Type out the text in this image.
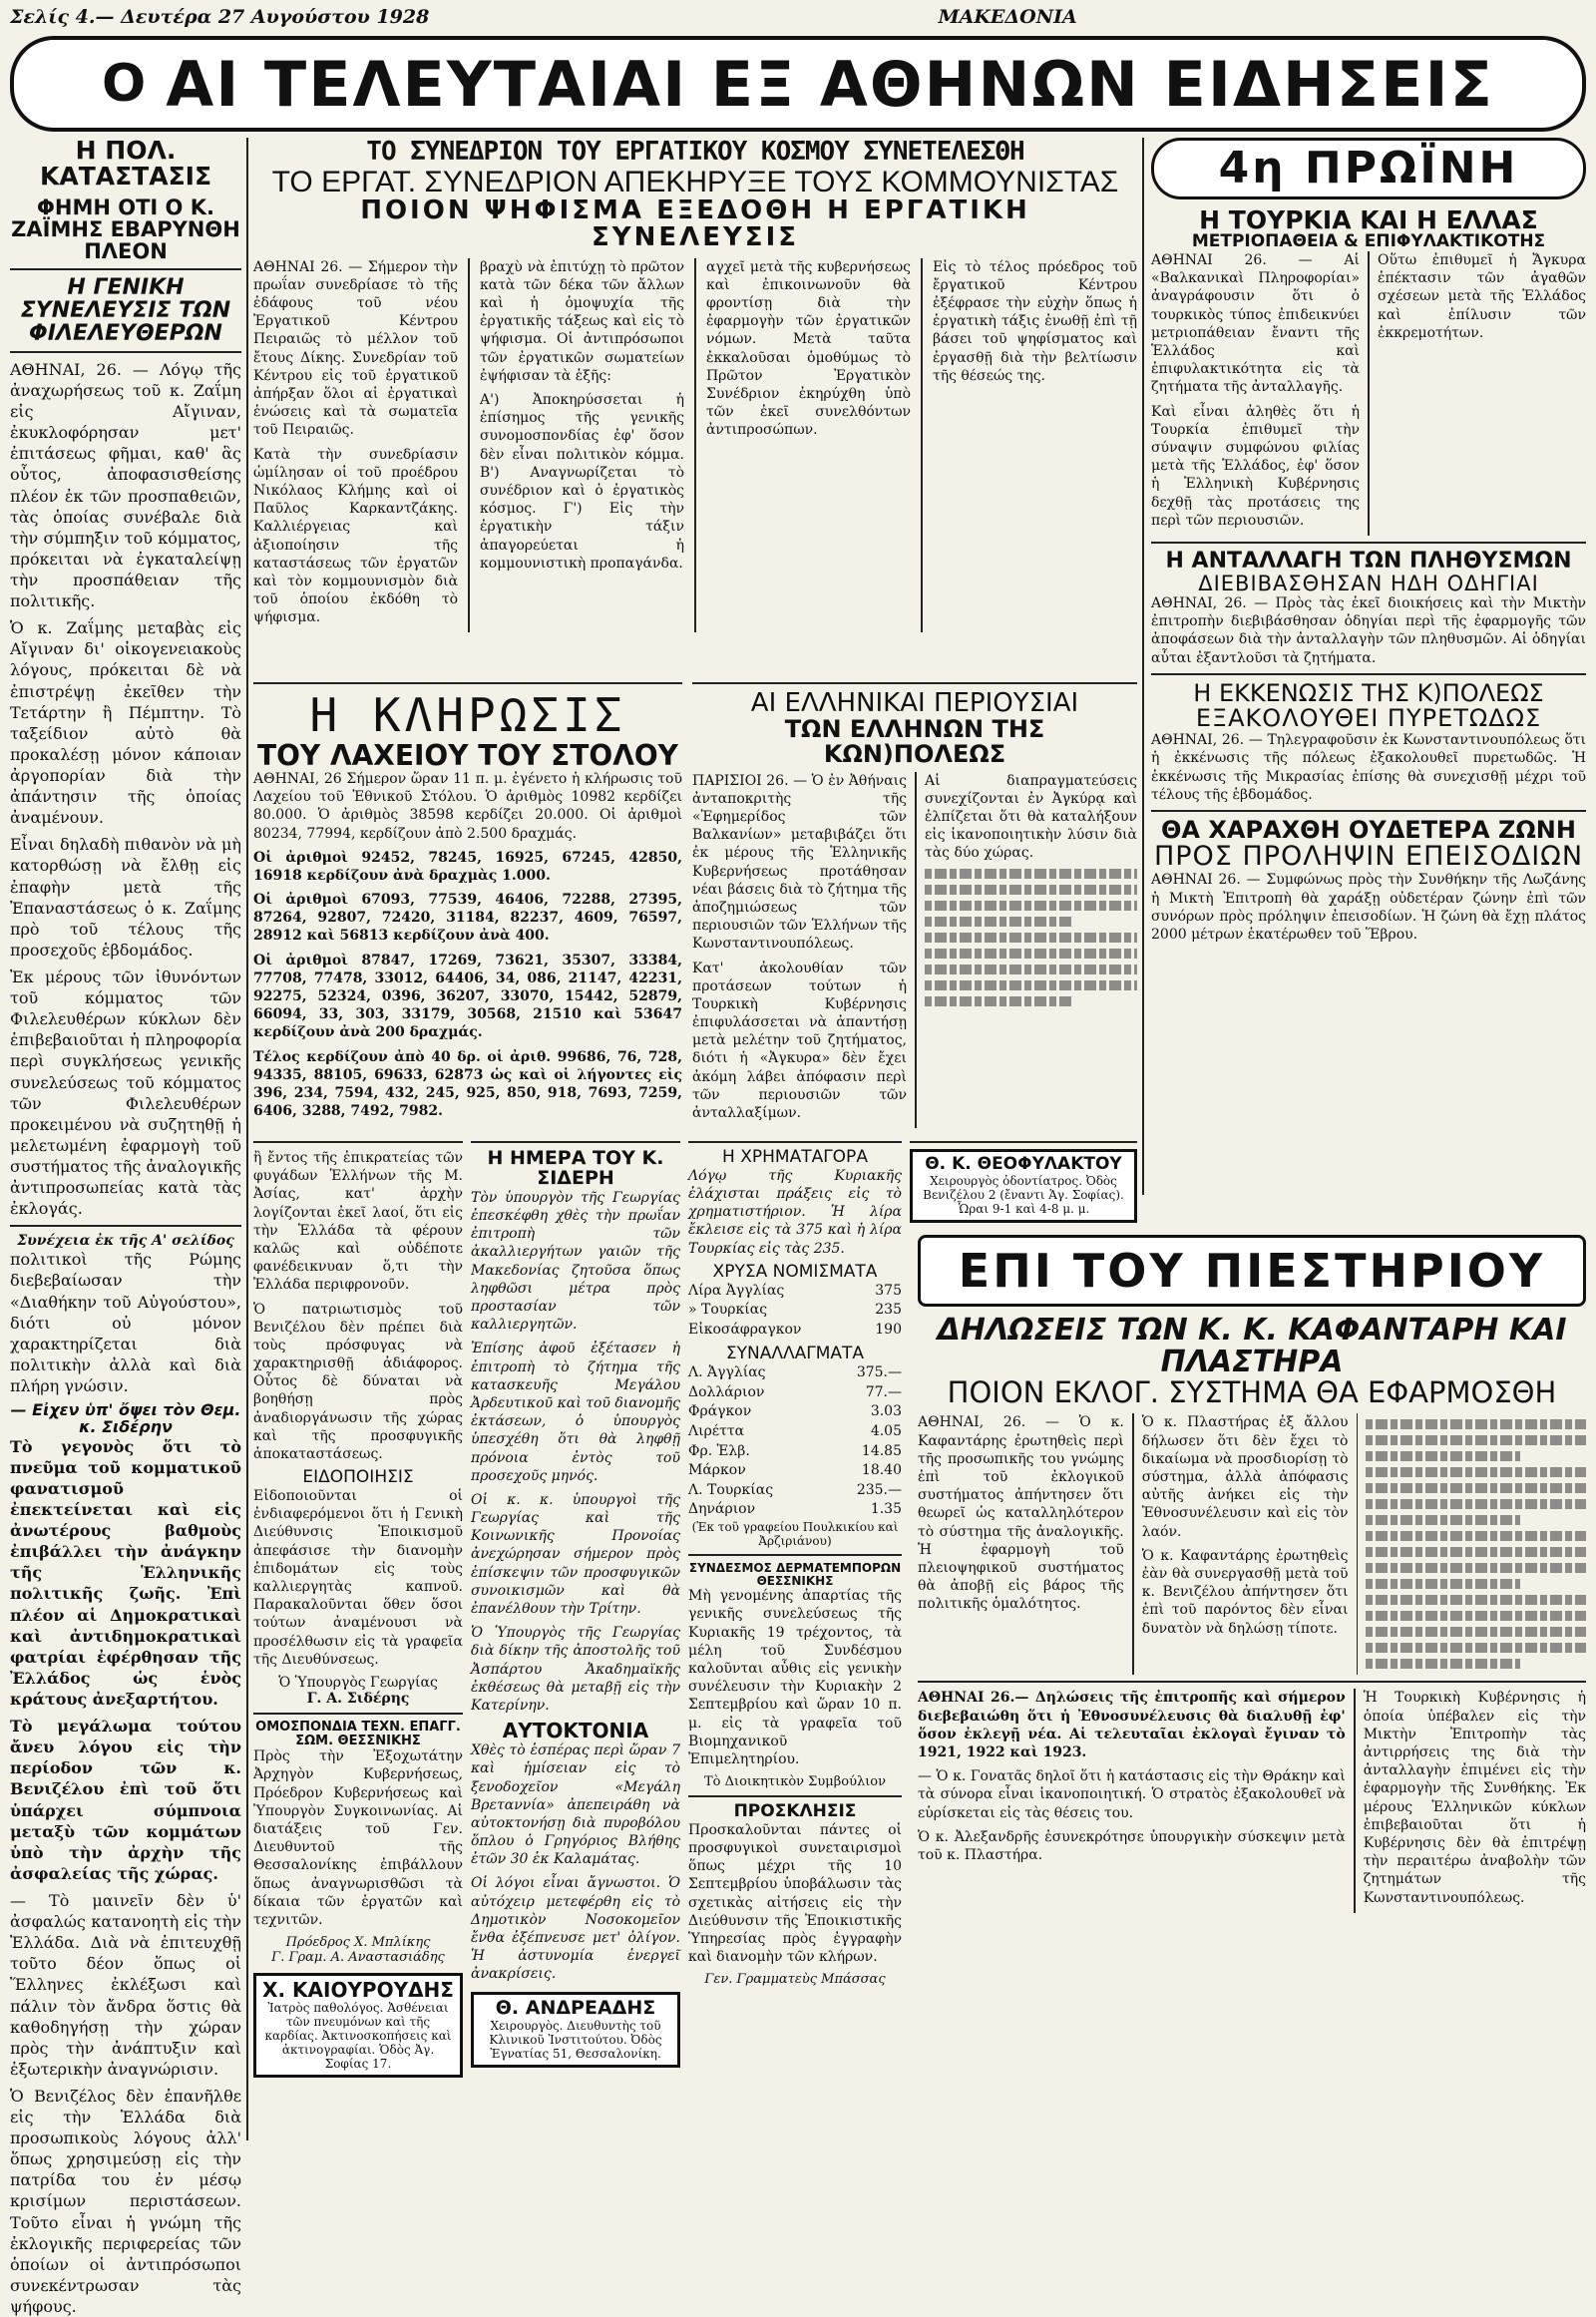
Σελίς 4.— Δευτέρα 27 Αυγούστου 1928	ΜΑΚΕΔΟΝΙΑ
Ο ΑΙ ΤΕΛΕΥΤΑΙΑΙ ΕΞ ΑΘΗΝΩΝ ΕΙΔΗΣΕΙΣ
Η ΠΟΛ. ΚΑΤΑΣΤΑΣΙΣ
ΦΗΜΗ ΟΤΙ Ο Κ. ΖΑΪΜΗΣ ΕΒΑΡΥΝΘΗ ΠΛΕΟΝ
Η ΓΕΝΙΚΗ ΣΥΝΕΛΕΥΣΙΣ ΤΩΝ ΦΙΛΕΛΕΥΘΕΡΩΝ

ΑΘΗΝΑΙ, 26. — Λόγῳ τῆς ἀναχωρήσεως τοῦ κ. Ζαΐμη εἰς Αἴγιναν, ἐκυκλοφόρησαν μετ' ἐπιτάσεως φῆμαι, καθ' ἃς οὗτος, ἀποφασισθείσης πλέον ἐκ τῶν προσπαθειῶν, τὰς ὁποίας συνέβαλε διὰ τὴν σύμπηξιν τοῦ κόμματος, πρόκειται νὰ ἐγκαταλείψῃ τὴν προσπάθειαν τῆς πολιτικῆς.

Ὁ κ. Ζαΐμης μεταβὰς εἰς Αἴγιναν δι' οἰκογενειακοὺς λόγους, πρόκειται δὲ νὰ ἐπιστρέψῃ ἐκεῖθεν τὴν Τετάρτην ἢ Πέμπτην. Τὸ ταξείδιον αὐτὸ θὰ προκαλέσῃ μόνον κάποιαν ἀργοπορίαν διὰ τὴν ἀπάντησιν τῆς ὁποίας ἀναμένουν.

Εἶναι δηλαδὴ πιθανὸν νὰ μὴ κατορθώσῃ νὰ ἔλθῃ εἰς ἐπαφὴν μετὰ τῆς Ἐπαναστάσεως ὁ κ. Ζαΐμης πρὸ τοῦ τέλους τῆς προσεχοῦς ἑβδομάδος.

Ἐκ μέρους τῶν ἰθυνόντων τοῦ κόμματος τῶν Φιλελευθέρων κύκλων δὲν ἐπιβεβαιοῦται ἡ πληροφορία περὶ συγκλήσεως γενικῆς συνελεύσεως τοῦ κόμματος τῶν Φιλελευθέρων προκειμένου νὰ συζητηθῇ ἡ μελετωμένη ἐφαρμογὴ τοῦ συστήματος τῆς ἀναλογικῆς ἀντιπροσωπείας κατὰ τὰς ἐκλογάς.

Συνέχεια ἐκ τῆς Α' σελίδος

πολιτικοὶ τῆς Ρώμης διεβεβαίωσαν τὴν «Διαθήκην τοῦ Αὐγούστου», διότι οὐ μόνον χαρακτηρίζεται διὰ πολιτικὴν ἀλλὰ καὶ διὰ πλήρη γνώσιν.

— Εἰχεν ὑπ' ὄψει τὸν Θεμ. κ. Σιδέρην

Τὸ γεγονὸς ὅτι τὸ πνεῦμα τοῦ κομματικοῦ φανατισμοῦ ἐπεκτείνεται καὶ εἰς ἀνωτέρους βαθμοὺς ἐπιβάλλει τὴν ἀνάγκην τῆς Ἑλληνικῆς πολιτικῆς ζωῆς. Ἐπὶ πλέον αἱ Δημοκρατικαὶ καὶ ἀντιδημοκρατικαὶ φατρίαι ἐφέρθησαν τῆς Ἐλλάδος ὡς ἑνὸς κράτους ἀνεξαρτήτου.

Τὸ μεγάλωμα τούτου ἄνευ λόγου εἰς τὴν περίοδον τῶν κ. Βενιζέλου ἐπὶ τοῦ ὅτι ὑπάρχει σύμπνοια μεταξὺ τῶν κομμάτων ὑπὸ τὴν ἀρχὴν τῆς ἀσφαλείας τῆς χώρας.

— Τὸ μαινεῖν δὲν ὑ' ἀσφαλώς κατανοητὴ εἰς τὴν Ἑλλάδα. Διὰ νὰ ἐπιτευχθῇ τοῦτο δέον ὅπως οἱ Ἕλληνες ἐκλέξωσι καὶ πάλιν τὸν ἄνδρα ὅστις θὰ καθοδηγήσῃ τὴν χώραν πρὸς τὴν ἀνάπτυξιν καὶ ἐξωτερικὴν ἀναγνώρισιν.

Ὁ Βενιζέλος δὲν ἐπανῆλθε εἰς τὴν Ἑλλάδα διὰ προσωπικοὺς λόγους ἀλλ' ὅπως χρησιμεύσῃ εἰς τὴν πατρίδα του ἐν μέσῳ κρισίμων περιστάσεων. Τοῦτο εἶναι ἡ γνώμη τῆς ἐκλογικῆς περιφερείας τῶν ὁποίων οἱ ἀντιπρόσωποι συνεκέντρωσαν τὰς ψήφους.

ΤΟ ΣΥΝΕΔΡΙΟΝ ΤΟΥ ΕΡΓΑΤΙΚΟΥ ΚΟΣΜΟΥ ΣΥΝΕΤΕΛΕΣΘΗ
ΤΟ ΕΡΓΑΤ. ΣΥΝΕΔΡΙΟΝ ΑΠΕΚΗΡΥΞΕ ΤΟΥΣ ΚΟΜΜΟΥΝΙΣΤΑΣ
ΠΟΙΟΝ ΨΗΦΙΣΜΑ ΕΞΕΔΟΘΗ Η ΕΡΓΑΤΙΚΗ ΣΥΝΕΛΕΥΣΙΣ

ΑΘΗΝΑΙ 26. — Σήμερον τὴν πρωΐαν συνεδρίασε τὸ τῆς ἐδάφους τοῦ νέου Ἐργατικοῦ Κέντρου Πειραιῶς τὸ μέλλον τοῦ ἔτους Δίκης. Συνεδρίαν τοῦ Κέντρου εἰς τοῦ ἐργατικοῦ ἀπήρξαν ὅλοι αἱ ἐργατικαὶ ἑνώσεις καὶ τὰ σωματεῖα τοῦ Πειραιῶς.

Κατὰ τὴν συνεδρίασιν ὡμίλησαν οἱ τοῦ προέδρου Νικόλαος Κλήμης καὶ οἱ Παῦλος Καρκαντζάκης. Καλλιέργειας καὶ ἀξιοποίησιν τῆς καταστάσεως τῶν ἐργατῶν καὶ τὸν κομμουνισμὸν διὰ τοῦ ὁποίου ἐκδόθη τὸ ψήφισμα.

βραχὺ νὰ ἐπιτύχῃ τὸ πρῶτον κατὰ τῶν δέκα τῶν ἄλλων καὶ ἡ ὁμοψυχία τῆς ἐργατικῆς τάξεως καὶ εἰς τὸ ψήφισμα. Οἱ ἀντιπρόσωποι τῶν ἐργατικῶν σωματείων ἐψήφισαν τὰ ἑξῆς:

Α') Ἀποκηρύσσεται ἡ ἐπίσημος τῆς γενικῆς συνομοσπονδίας ἐφ' ὅσον δὲν εἶναι πολιτικὸν κόμμα. Β') Αναγνωρίζεται τὸ συνέδριον καὶ ὁ ἐργατικὸς κόσμος. Γ') Εἰς τὴν ἐργατικὴν τάξιν ἀπαγορεύεται ἡ κομμουνιστικὴ προπαγάνδα.

αγχεῖ μετὰ τῆς κυβερνήσεως καὶ ἐπικοινωνοῦν θὰ φροντίσῃ διὰ τὴν ἐφαρμογὴν τῶν ἐργατικῶν νόμων. Μετὰ ταῦτα ἐκκαλοῦσαι ὁμοθύμως τὸ Πρῶτον Ἐργατικὸν Συνέδριον ἐκηρύχθη ὑπὸ τῶν ἐκεῖ συνελθόντων ἀντιπροσώπων.

Εἰς τὸ τέλος πρόεδρος τοῦ ἔργατικοῦ Κέντρου ἐξέφρασε τὴν εὐχὴν ὅπως ἡ ἐργατικὴ τάξις ἐνωθῇ ἐπὶ τῇ βάσει τοῦ ψηφίσματος καὶ ἐργασθῇ διὰ τὴν βελτίωσιν τῆς θέσεώς της.

Η ΚΛΗΡΩΣΙΣ
ΤΟΥ ΛΑΧΕΙΟΥ ΤΟΥ ΣΤΟΛΟΥ

ΑΘΗΝΑΙ, 26 Σήμερον ὥραν 11 π. μ. ἐγένετο ἡ κλήρωσις τοῦ Λαχείου τοῦ Ἐθνικοῦ Στόλου. Ὁ ἀριθμὸς 10982 κερδίζει 80.000. Ὁ ἀριθμὸς 38598 κερδίζει 20.000. Οἱ ἀριθμοὶ 80234, 77994, κερδίζουν ἀπὸ 2.500 δραχμάς.

Οἱ ἀριθμοὶ 92452, 78245, 16925, 67245, 42850, 16918 κερδίζουν ἀνὰ δραχμὰς 1.000.

Οἱ ἀριθμοὶ 67093, 77539, 46406, 72288, 27395, 87264, 92807, 72420, 31184, 82237, 4609, 76597, 28912 καὶ 56813 κερδίζουν ἀνὰ 400.

Οἱ ἀριθμοὶ 87847, 17269, 73621, 35307, 33384, 77708, 77478, 33012, 64406, 34, 086, 21147, 42231, 92275, 52324, 0396, 36207, 33070, 15442, 52879, 66094, 33, 303, 33179, 30568, 21510 καὶ 53647 κερδίζουν ἀνὰ 200 δραχμάς.

Τέλος κερδίζουν ἀπὸ 40 δρ. οἱ ἀριθ. 99686, 76, 728, 94335, 88105, 69633, 62873 ὡς καὶ οἱ λήγοντες εἰς 396, 234, 7594, 432, 245, 925, 850, 918, 7693, 7259, 6406, 3288, 7492, 7982.

ΑΙ ΕΛΛΗΝΙΚΑΙ ΠΕΡΙΟΥΣΙΑΙ
ΤΩΝ ΕΛΛΗΝΩΝ ΤΗΣ ΚΩΝ)ΠΟΛΕΩΣ

ΠΑΡΙΣΙΟΙ 26. — Ὁ ἐν Ἀθήναις ἀνταποκριτὴς τῆς «Ἐφημερίδος τῶν Βαλκανίων» μεταβιβάζει ὅτι ἐκ μέρους τῆς Ἑλληνικῆς Κυβερνήσεως προτάθησαν νέαι βάσεις διὰ τὸ ζήτημα τῆς ἀποζημιώσεως τῶν περιουσιῶν τῶν Ἑλλήνων τῆς Κωνσταντινουπόλεως.

Κατ' ἀκολουθίαν τῶν προτάσεων τούτων ἡ Τουρκικὴ Κυβέρνησις ἐπιφυλάσσεται νὰ ἀπαντήσῃ μετὰ μελέτην τοῦ ζητήματος, διότι ἡ «Ἀγκυρα» δὲν ἔχει ἀκόμη λάβει ἀπόφασιν περὶ τῶν περιουσιῶν τῶν ἀνταλλαξίμων.

Αἱ διαπραγματεύσεις συνεχίζονται ἐν Ἀγκύρᾳ καὶ ἐλπίζεται ὅτι θὰ καταλήξουν εἰς ἱκανοποιητικὴν λύσιν διὰ τὰς δύο χώρας.

ἢ ἔντος τῆς ἐπικρατείας τῶν φυγάδων Ἑλλήνων τῆς Μ. Ἀσίας, κατ' ἀρχὴν λογίζονται ἐκεῖ λαοί, ὅτι εἰς τὴν Ἑλλάδα τὰ φέρουν καλῶς καὶ οὐδέποτε φανέδεικνυαν ὅ,τι τὴν Ἑλλάδα περιφρονοῦν.

Ὁ πατριωτισμὸς τοῦ Βενιζέλου δὲν πρέπει διὰ τοὺς πρόσφυγας νὰ χαρακτηρισθῇ ἀδιάφορος. Οὗτος δὲ δύναται νὰ βοηθήσῃ πρὸς ἀναδιοργάνωσιν τῆς χώρας καὶ τῆς προσφυγικῆς ἀποκαταστάσεως.

ΕΙΔΟΠΟΙΗΣΙΣ

Εἰδοποιοῦνται οἱ ἐνδιαφερόμενοι ὅτι ἡ Γενικὴ Διεύθυνσις Ἐποικισμοῦ ἀπεφάσισε τὴν διανομὴν ἐπιδομάτων εἰς τοὺς καλλιεργητὰς καπνοῦ. Παρακαλοῦνται ὅθεν ὅσοι τούτων ἀναμένουσι νὰ προσέλθωσιν εἰς τὰ γραφεῖα τῆς Διευθύνσεως.

Ὁ Ὑπουργὸς Γεωργίας
Γ. Α. Σιδέρης
ΟΜΟΣΠΟΝΔΙΑ ΤΕΧΝ. ΕΠΑΓΓ. ΣΩΜ. ΘΕΣΣΝΙΚΗΣ

Πρὸς τὴν Ἐξοχωτάτην Ἀρχηγὸν Κυβερνήσεως, Πρόεδρον Κυβερνήσεως καὶ Ὑπουργὸν Συγκοινωνίας. Αἱ διατάξεις τοῦ Γεν. Διευθυντοῦ τῆς Θεσσαλονίκης ἐπιβάλλουν ὅπως ἀναγνωρισθῶσι τὰ δίκαια τῶν ἐργατῶν καὶ τεχνιτῶν.

Πρόεδρος Χ. Μπλίκης
Γ. Γραμ. Α. Αναστασιάδης
Χ. ΚΑΙΟΥΡΟΥΔΗΣ
Ἰατρὸς παθολόγος. Ἀσθένειαι τῶν πνευμόνων καὶ τῆς καρδίας. Ἀκτινοσκοπήσεις καὶ ἀκτινογραφίαι. Ὁδὸς Ἀγ. Σοφίας 17.
Η ΗΜΕΡΑ ΤΟΥ Κ. ΣΙΔΕΡΗ

Τὸν ὑπουργὸν τῆς Γεωργίας ἐπεσκέφθη χθὲς τὴν πρωΐαν ἐπιτροπὴ τῶν ἀκαλλιεργήτων γαιῶν τῆς Μακεδονίας ζητοῦσα ὅπως ληφθῶσι μέτρα πρὸς προστασίαν τῶν καλλιεργητῶν.

Ἐπίσης ἀφοῦ ἐξέτασεν ἡ ἐπιτροπὴ τὸ ζήτημα τῆς κατασκευῆς Μεγάλου Ἀρδευτικοῦ καὶ τοῦ διανομῆς ἐκτάσεων, ὁ ὑπουργὸς ὑπεσχέθη ὅτι θὰ ληφθῇ πρόνοια ἐντὸς τοῦ προσεχοῦς μηνός.

Οἱ κ. κ. ὑπουργοὶ τῆς Γεωργίας καὶ τῆς Κοινωνικῆς Προνοίας ἀνεχώρησαν σήμερον πρὸς ἐπίσκεψιν τῶν προσφυγικῶν συνοικισμῶν καὶ θὰ ἐπανέλθουν τὴν Τρίτην.

Ὁ Ὑπουργὸς τῆς Γεωργίας διὰ δίκην τῆς ἀποστολῆς τοῦ Ἀσπάρτου Ἀκαδημαϊκῆς ἐκθέσεως θὰ μεταβῇ εἰς τὴν Κατερίνην.

ΑΥΤΟΚΤΟΝΙΑ

Χθὲς τὸ ἑσπέρας περὶ ὥραν 7 καὶ ἡμίσειαν εἰς τὸ ξενοδοχεῖον «Μεγάλη Βρεταννία» ἀπεπειράθη νὰ αὐτοκτονήσῃ διὰ πυροβόλου ὅπλου ὁ Γρηγόριος Βλήθης ἐτῶν 30 ἐκ Καλαμάτας.

Οἱ λόγοι εἶναι ἄγνωστοι. Ὁ αὐτόχειρ μετεφέρθη εἰς τὸ Δημοτικὸν Νοσοκομεῖον ἔνθα ἐξέπνευσε μετ' ὀλίγον. Ἡ ἀστυνομία ἐνεργεῖ ἀνακρίσεις.

Θ. ΑΝΔΡΕΑΔΗΣ
Χειρουργὸς. Διευθυντὴς τοῦ Κλινικοῦ Ἰνστιτούτου. Ὀδὸς Ἐγνατίας 51, Θεσσαλονίκη.
Η ΧΡΗΜΑΤΑΓΟΡΑ

Λόγῳ τῆς Κυριακῆς ἐλάχισται πράξεις εἰς τὸ χρηματιστήριον. Ἡ λίρα ἔκλεισε εἰς τὰ 375 καὶ ἡ λίρα Τουρκίας εἰς τὰς 235.

ΧΡΥΣΑ ΝΟΜΙΣΜΑΤΑ
Λίρα Ἀγγλίας	375
» Τουρκίας	235
Εἰκοσάφραγκον	190
ΣΥΝΑΛΛΑΓΜΑΤΑ
Λ. Ἀγγλίας	375.—
Δολλάριον	77.—
Φράγκον	3.03
Λιρέττα	4.05
Φρ. Ἑλβ.	14.85
Μάρκον	18.40
Λ. Τουρκίας	235.—
Δηνάριον	1.35
(Ἐκ τοῦ γραφείου Πουλκικίου καὶ Ἀρζιριάνου)
ΣΥΝΔΕΣΜΟΣ ΔΕΡΜΑΤΕΜΠΟΡΩΝ ΘΕΣΣΝΙΚΗΣ

Μὴ γενομένης ἀπαρτίας τῆς γενικῆς συνελεύσεως τῆς Κυριακῆς 19 τρέχοντος, τὰ μέλη τοῦ Συνδέσμου καλοῦνται αὖθις εἰς γενικὴν συνέλευσιν τὴν Κυριακὴν 2 Σεπτεμβρίου καὶ ὥραν 10 π. μ. εἰς τὰ γραφεῖα τοῦ Βιομηχανικοῦ Ἐπιμελητηρίου.

Τὸ Διοικητικὸν Συμβούλιον
ΠΡΟΣΚΛΗΣΙΣ

Προσκαλοῦνται πάντες οἱ προσφυγικοὶ συνεταιρισμοὶ ὅπως μέχρι τῆς 10 Σεπτεμβρίου ὑποβάλωσιν τὰς σχετικὰς αἰτήσεις εἰς τὴν Διεύθυνσιν τῆς Ἐποικιστικῆς Ὑπηρεσίας πρὸς ἐγγραφὴν καὶ διανομὴν τῶν κλήρων.

Γεν. Γραμματεὺς Μπάσσας
Θ. Κ. ΘΕΟΦΥΛΑΚΤΟΥ
Χειρουργὸς ὀδοντίατρος. Ὀδὸς Βενιζέλου 2 (ἔναντι Ἁγ. Σοφίας). Ὧραι 9-1 καὶ 4-8 μ. μ.
4η ΠΡΩΪΝΗ
Η ΤΟΥΡΚΙΑ ΚΑΙ Η ΕΛΛΑΣ
ΜΕΤΡΙΟΠΑΘΕΙΑ & ΕΠΙΦΥΛΑΚΤΙΚΟΤΗΣ

ΑΘΗΝΑΙ 26. — Αἱ «Βαλκανικαὶ Πληροφορίαι» ἀναγράφουσιν ὅτι ὁ τουρκικὸς τύπος ἐπιδεικνύει μετριοπάθειαν ἔναντι τῆς Ἑλλάδος καὶ ἐπιφυλακτικότητα εἰς τὰ ζητήματα τῆς ἀνταλλαγῆς.

Καὶ εἶναι ἀληθὲς ὅτι ἡ Τουρκία ἐπιθυμεῖ τὴν σύναψιν συμφώνου φιλίας μετὰ τῆς Ἑλλάδος, ἐφ' ὅσον ἡ Ἑλληνικὴ Κυβέρνησις δεχθῇ τὰς προτάσεις της περὶ τῶν περιουσιῶν.

Οὕτω ἐπιθυμεῖ ἡ Ἄγκυρα ἐπέκτασιν τῶν ἀγαθῶν σχέσεων μετὰ τῆς Ἑλλάδος καὶ ἐπίλυσιν τῶν ἐκκρεμοτήτων.

Η ΑΝΤΑΛΛΑΓΗ ΤΩΝ ΠΛΗΘΥΣΜΩΝ
ΔΙΕΒΙΒΑΣΘΗΣΑΝ ΗΔΗ ΟΔΗΓΙΑΙ

ΑΘΗΝΑΙ, 26. — Πρὸς τὰς ἐκεῖ διοικήσεις καὶ τὴν Μικτὴν ἐπιτροπὴν διεβιβάσθησαν ὁδηγίαι περὶ τῆς ἐφαρμογῆς τῶν ἀποφάσεων διὰ τὴν ἀνταλλαγὴν τῶν πληθυσμῶν. Αἱ ὁδηγίαι αὗται ἐξαντλοῦσι τὰ ζητήματα.

Η ΕΚΚΕΝΩΣΙΣ ΤΗΣ Κ)ΠΟΛΕΩΣ
ΕΞΑΚΟΛΟΥΘΕΙ ΠΥΡΕΤΩΔΩΣ

ΑΘΗΝΑΙ, 26. — Τηλεγραφοῦσιν ἐκ Κωνσταντινουπόλεως ὅτι ἡ ἐκκένωσις τῆς πόλεως ἐξακολουθεῖ πυρετωδῶς. Ἡ ἐκκένωσις τῆς Μικρασίας ἐπίσης θὰ συνεχισθῇ μέχρι τοῦ τέλους τῆς ἑβδομάδος.

ΘΑ ΧΑΡΑΧΘΗ ΟΥΔΕΤΕΡΑ ΖΩΝΗ
ΠΡΟΣ ΠΡΟΛΗΨΙΝ ΕΠΕΙΣΟΔΙΩΝ

ΑΘΗΝΑΙ 26. — Συμφώνως πρὸς τὴν Συνθήκην τῆς Λωζάνης ἡ Μικτὴ Ἐπιτροπὴ θὰ χαράξῃ οὐδετέραν ζώνην ἐπὶ τῶν συνόρων πρὸς πρόληψιν ἐπεισοδίων. Ἡ ζώνη θὰ ἔχῃ πλάτος 2000 μέτρων ἑκατέρωθεν τοῦ Ἕβρου.

ΕΠΙ ΤΟΥ ΠΙΕΣΤΗΡΙΟΥ
ΔΗΛΩΣΕΙΣ ΤΩΝ Κ. Κ. ΚΑΦΑΝΤΑΡΗ ΚΑΙ ΠΛΑΣΤΗΡΑ
ΠΟΙΟΝ ΕΚΛΟΓ. ΣΥΣΤΗΜΑ ΘΑ ΕΦΑΡΜΟΣΘΗ

ΑΘΗΝΑΙ, 26. — Ὁ κ. Καφαντάρης ἐρωτηθεὶς περὶ τῆς προσωπικῆς του γνώμης ἐπὶ τοῦ ἐκλογικοῦ συστήματος ἀπήντησεν ὅτι θεωρεῖ ὡς καταλληλότερον τὸ σύστημα τῆς ἀναλογικῆς. Ἡ ἐφαρμογὴ τοῦ πλειοψηφικοῦ συστήματος θὰ ἀποβῇ εἰς βάρος τῆς πολιτικῆς ὁμαλότητος.

Ὁ κ. Πλαστήρας ἐξ ἄλλου δήλωσεν ὅτι δὲν ἔχει τὸ δικαίωμα νὰ προσδιορίσῃ τὸ σύστημα, ἀλλὰ ἀπόφασις αὐτῆς ἀνήκει εἰς τὴν Ἐθνοσυνέλευσιν καὶ εἰς τὸν λαόν.

Ὁ κ. Καφαντάρης ἐρωτηθεὶς ἐὰν θὰ συνεργασθῇ μετὰ τοῦ κ. Βενιζέλου ἀπήντησεν ὅτι ἐπὶ τοῦ παρόντος δὲν εἶναι δυνατὸν νὰ δηλώσῃ τίποτε.

ΑΘΗΝΑΙ 26.— Δηλώσεις τῆς ἐπιτροπῆς καὶ σήμερον διεβεβαιώθη ὅτι ἡ Ἐθνοσυνέλευσις θὰ διαλυθῇ ἐφ' ὅσον ἐκλεγῇ νέα. Αἱ τελευταῖαι ἐκλογαὶ ἔγιναν τὸ 1921, 1922 καὶ 1923.

— Ὁ κ. Γονατᾶς δηλοῖ ὅτι ἡ κατάστασις εἰς τὴν Θράκην καὶ τὰ σύνορα εἶναι ἱκανοποιητική. Ὁ στρατὸς ἐξακολουθεῖ νὰ εὑρίσκεται εἰς τὰς θέσεις του.

Ὁ κ. Ἀλεξανδρῆς ἐσυνεκρότησε ὑπουργικὴν σύσκεψιν μετὰ τοῦ κ. Πλαστήρα.

Ἡ Τουρκικὴ Κυβέρνησις ἡ ὁποία ὑπέβαλεν εἰς τὴν Μικτὴν Ἐπιτροπὴν τὰς ἀντιρρήσεις της διὰ τὴν ἀνταλλαγὴν ἐπιμένει εἰς τὴν ἐφαρμογὴν τῆς Συνθήκης. Ἐκ μέρους Ἑλληνικῶν κύκλων ἐπιβεβαιοῦται ὅτι ἡ Κυβέρνησις δὲν θὰ ἐπιτρέψῃ τὴν περαιτέρω ἀναβολὴν τῶν ζητημάτων τῆς Κωνσταντινουπόλεως.
